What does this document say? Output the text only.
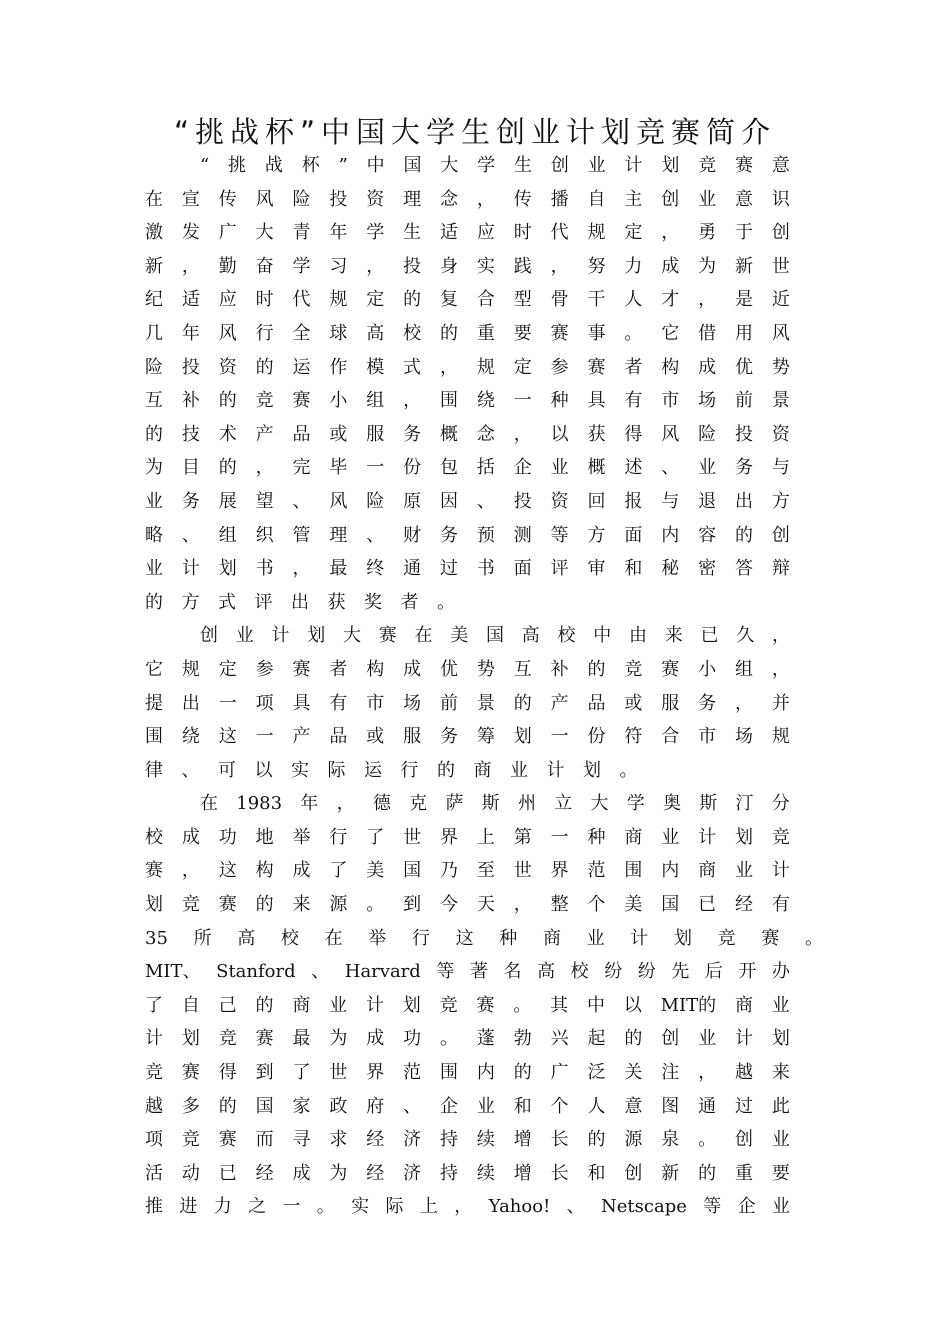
“挑战杯”中国大学生创业计划竞赛简介
“ 挑 战 杯 ” 中 国 大 学 生 创 业 计 划 竞 赛 意
在 宣 传 风 险 投 资 理 念 ， 传 播 自 主 创 业 意 识
激 发 广 大 青 年 学 生 适 应 时 代 规 定 ， 勇 于 创
新 ， 勤 奋 学 习 ， 投 身 实 践 ， 努 力 成 为 新 世
纪 适 应 时 代 规 定 的 复 合 型 骨 干 人 才 ， 是 近
几 年 风 行 全 球 高 校 的 重 要 赛 事 。 它 借 用 风
险 投 资 的 运 作 模 式 ， 规 定 参 赛 者 构 成 优 势
互 补 的 竞 赛 小 组 ， 围 绕 一 种 具 有 市 场 前 景
的 技 术 产 品 或 服 务 概 念 ， 以 获 得 风 险 投 资
为 目 的 ， 完 毕 一 份 包 括 企 业 概 述 、 业 务 与
业 务 展 望 、 风 险 原 因 、 投 资 回 报 与 退 出 方
略 、 组 织 管 理 、 财 务 预 测 等 方 面 内 容 的 创
业 计 划 书 ， 最 终 通 过 书 面 评 审 和 秘 密 答 辩
的 方 式 评 出 获 奖 者 。
创 业 计 划 大 赛 在 美 国 高 校 中 由 来 已 久 ，
它 规 定 参 赛 者 构 成 优 势 互 补 的 竞 赛 小 组 ，
提 出 一 项 具 有 市 场 前 景 的 产 品 或 服 务 ， 并
围 绕 这 一 产 品 或 服 务 筹 划 一 份 符 合 市 场 规
律 、 可 以 实 际 运 行 的 商 业 计 划 。
在 1983 年 ， 德 克 萨 斯 州 立 大 学 奥 斯 汀 分
校 成 功 地 举 行 了 世 界 上 第 一 种 商 业 计 划 竞
赛 ， 这 构 成 了 美 国 乃 至 世 界 范 围 内 商 业 计
划 竞 赛 的 来 源 。 到 今 天 ， 整 个 美 国 已 经 有
35 所 高 校 在 举 行 这 种 商 业 计 划 竞 赛 。
MIT、 Stanford 、 Harvard 等 著 名 高 校 纷 纷 先 后 开 办
了 自 己 的 商 业 计 划 竞 赛 。 其 中 以 MIT的 商 业
计 划 竞 赛 最 为 成 功 。 蓬 勃 兴 起 的 创 业 计 划
竞 赛 得 到 了 世 界 范 围 内 的 广 泛 关 注 ， 越 来
越 多 的 国 家 政 府 、 企 业 和 个 人 意 图 通 过 此
项 竞 赛 而 寻 求 经 济 持 续 增 长 的 源 泉 。 创 业
活 动 已 经 成 为 经 济 持 续 增 长 和 创 新 的 重 要
推 进 力 之 一 。 实 际 上 ， Yahoo! 、 Netscape 等 企 业
